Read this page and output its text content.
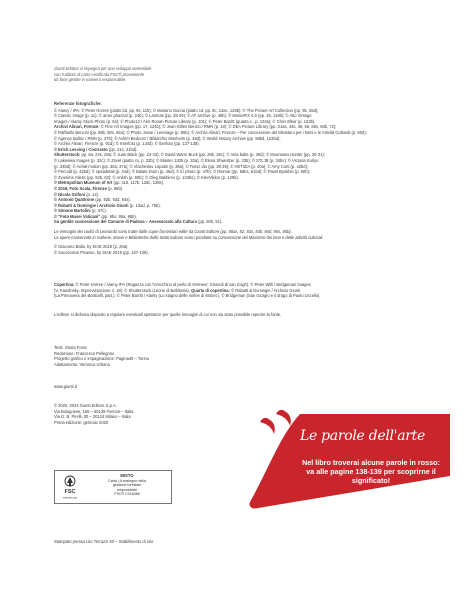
Giunti Editore si impegna per uno sviluppo sostenibile
con l'utilizzo di carta certificata FSC® proveniente
da fonti gestite in maniera responsabile.
Referenze fotografiche:
© Alamy / IPA: © Peter Horree (piatto bd. pp. 9s, 115); © Mariano Garcia (piatto cd. pp. 9c, 13ac, 128b); © The Picture Art Collection (pp. 9b, 55d);
© Classic Image (p. 11); © amer ghazzal (p. 24b); © Lanmas (pp. 28-29); © AF archive (p. 48b); © MoniePIX 6.0 (pp. 49, 118b); © Alto Vintage
Images / Alamy Stock Photo (p. 54); © Photo12 / Ann Ronan Picture Library (p. 101); © Peter Barritt (quarta c., p. 123a); © Chris Elkar (p. 133b).
Archivi Alinari, Firenze: © Fine Art Images (pp. 17, 124b); © Jean-Gilles Berizzi / RMN (p. 18); © DEA Picture Library (pp. 31as, 44s, 45, 56, 68s, 68b, 72);
© Raffaello Bencini (pp. 69b, 80s, 92a); © Photo Josse / Leemage (p. 85b); © Archivi Alinari, Firenze – Per concessione del Ministero per i Beni e le Attività Culturali (p. 80d);
© Agence Bulloz / RMN (p. 37b); © Achim Bednorz / Bildarchiv Monheim (p. 48d); © World History Archive (pp. 58bd, 123bd);
© Archivi Alinari, Firenze (p. 91d); © Interfoto (p. 134d); © Iberfoto (pp. 137-138).
© Erich Lessing / Contrasto (pp. 21s, 41bd).
Shutterstock: pp. 6a, 23s, 28a; © Juan Black (pp. 22-23); © David Warre Buck (pp. 25b, 39c); © mira balta (p. 30d); © Mountains Hunter (pp. 30-31);
© Lakeview Images (p. 32c); © Zsvet (piatto cs, p. 32b); © Master 1305 (p. 33a); © Elena Shweitzer (p. 33b); © STLJB (p. 34bs); © Victoria Kurlyo
(p. 34bd); © Aerial-motion (pp. 35a, 37a); © Viacheslav Lopatin (p. 36a); © Tomiz dio (pp. 38-39); © HETIZIA (p. 40a); © Amy Corti (p. 42bd);
© Percold (p. 42bd); © spatuletail (p. 44d); © Balate Dorin (p. 46d); © ll.l photo (p. 47b); © Reimar (pp. 58bs, 61bd); © Pavel Byukhin (p. 60b);
© Zvonimir Atletic (pp. 62b, 63); © Anilsh (p. 90b); © Oleg Bakhirev (p. 123bs); © KlevVikkor (p. 129b).
© Metropolitan Museum of Art (pp. 116, 117b, 128c, 128s).
© 2019, Foto Scala, Firenze (p. 96b).
© Nicola Grifoni (p. 12).
© Antonio Quattrone (pp. 92b, 93d, 93s).
© Rabatti & Domingie / Archivio Giunti (p. 13ad, p. 75b).
© Simone Bartolini (p. 47c).
© "Foto Musei Vaticani" (pp. 9bs, 95a, 95b).
Su gentile concessione del Comune di Padova – Assessorato alla Cultura (pp. 50b, 51).
Le immagini dei codici di Leonardo sono tratte dalle copie facsimilari edite da Giunti Editore (pp. 58as, 82, 83s, 83b, 84d, 85s, 85b).
Le opere conservate in Gallerie, Musei e Biblioteche dello Stato italiano sono riprodotte su concessione del Ministero dei beni e delle attività culturali.
© Giacomo Balla, by SIAE 2019 (p. 29a).
© Succession Picasso, by SIAE 2019 (pp. 137-138).
Copertina: © Peter Horree / Alamy IPA (Ragazza con l'orecchino di perla di Vermeer; Girasoli di van Gogh); © Peter Willi / Bridgeman Images
(V. Kandinsky, Improvvisazione n. 19); © Shutterstock (Leone di Babilonia). Quarta di copertina: © Rabatti & Domingie / Archivio Giunti
(La Primavera del Botticelli, part.); © Peter Barritt / Alamy (Lo stagno delle ninfee di Monet ). © Bridgeman (San Giorgio e il drago di Paolo Uccello).
L'editore si dichiara disposto a regolare eventuali spettanze per quelle immagini di cui non sia stato possibile reperire la fonte.
Testi: Gloria Fossi
Redazione: Francesca Pellegrino
Progetto grafico e impaginazione: Pagina49 – Torino
Adattamento: Veronica Urbano
www.giunti.it
© 2020, 2024 Giunti Editore S.p.A.
Via Bolognese, 165 – 50139 Firenze – Italia
Via G. B. Pirelli, 30 – 20124 Milano – Italia
Prima edizione: gennaio 2020
FSC
www.fsc.org
MISTO
Carta | A sostegno della
gestione forestale
responsabile
FSC® C018466
Stampato presso Lito Terrazzi Srl – Stabilimento di Iolo
Le parole dell'arte
Nel libro troverai alcune parole in rosso: va alle pagine 138-139 per scoprirne il significato!
